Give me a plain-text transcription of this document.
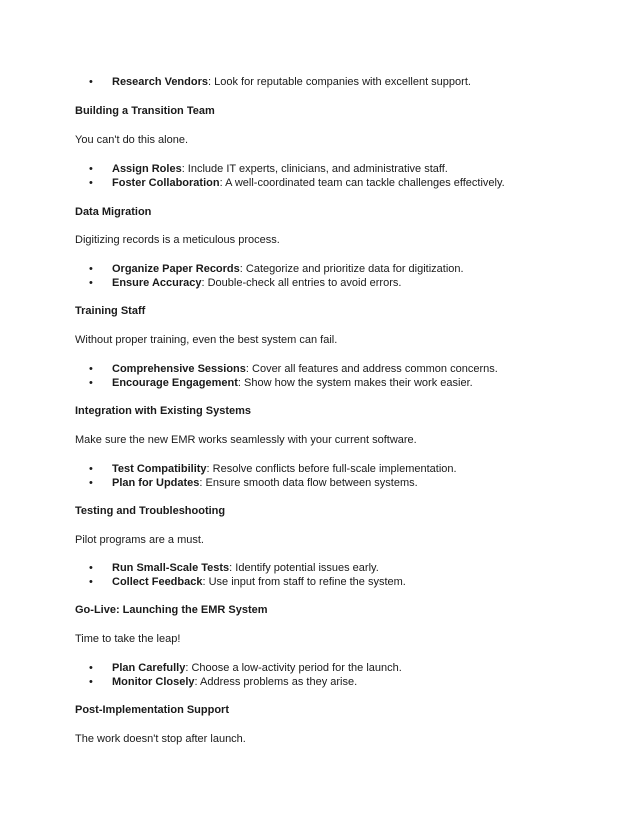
• Research Vendors: Look for reputable companies with excellent support.
Building a Transition Team
You can't do this alone.
• Assign Roles: Include IT experts, clinicians, and administrative staff.
• Foster Collaboration: A well-coordinated team can tackle challenges effectively.
Data Migration
Digitizing records is a meticulous process.
• Organize Paper Records: Categorize and prioritize data for digitization.
• Ensure Accuracy: Double-check all entries to avoid errors.
Training Staff
Without proper training, even the best system can fail.
• Comprehensive Sessions: Cover all features and address common concerns.
• Encourage Engagement: Show how the system makes their work easier.
Integration with Existing Systems
Make sure the new EMR works seamlessly with your current software.
• Test Compatibility: Resolve conflicts before full-scale implementation.
• Plan for Updates: Ensure smooth data flow between systems.
Testing and Troubleshooting
Pilot programs are a must.
• Run Small-Scale Tests: Identify potential issues early.
• Collect Feedback: Use input from staff to refine the system.
Go-Live: Launching the EMR System
Time to take the leap!
• Plan Carefully: Choose a low-activity period for the launch.
• Monitor Closely: Address problems as they arise.
Post-Implementation Support
The work doesn't stop after launch.
